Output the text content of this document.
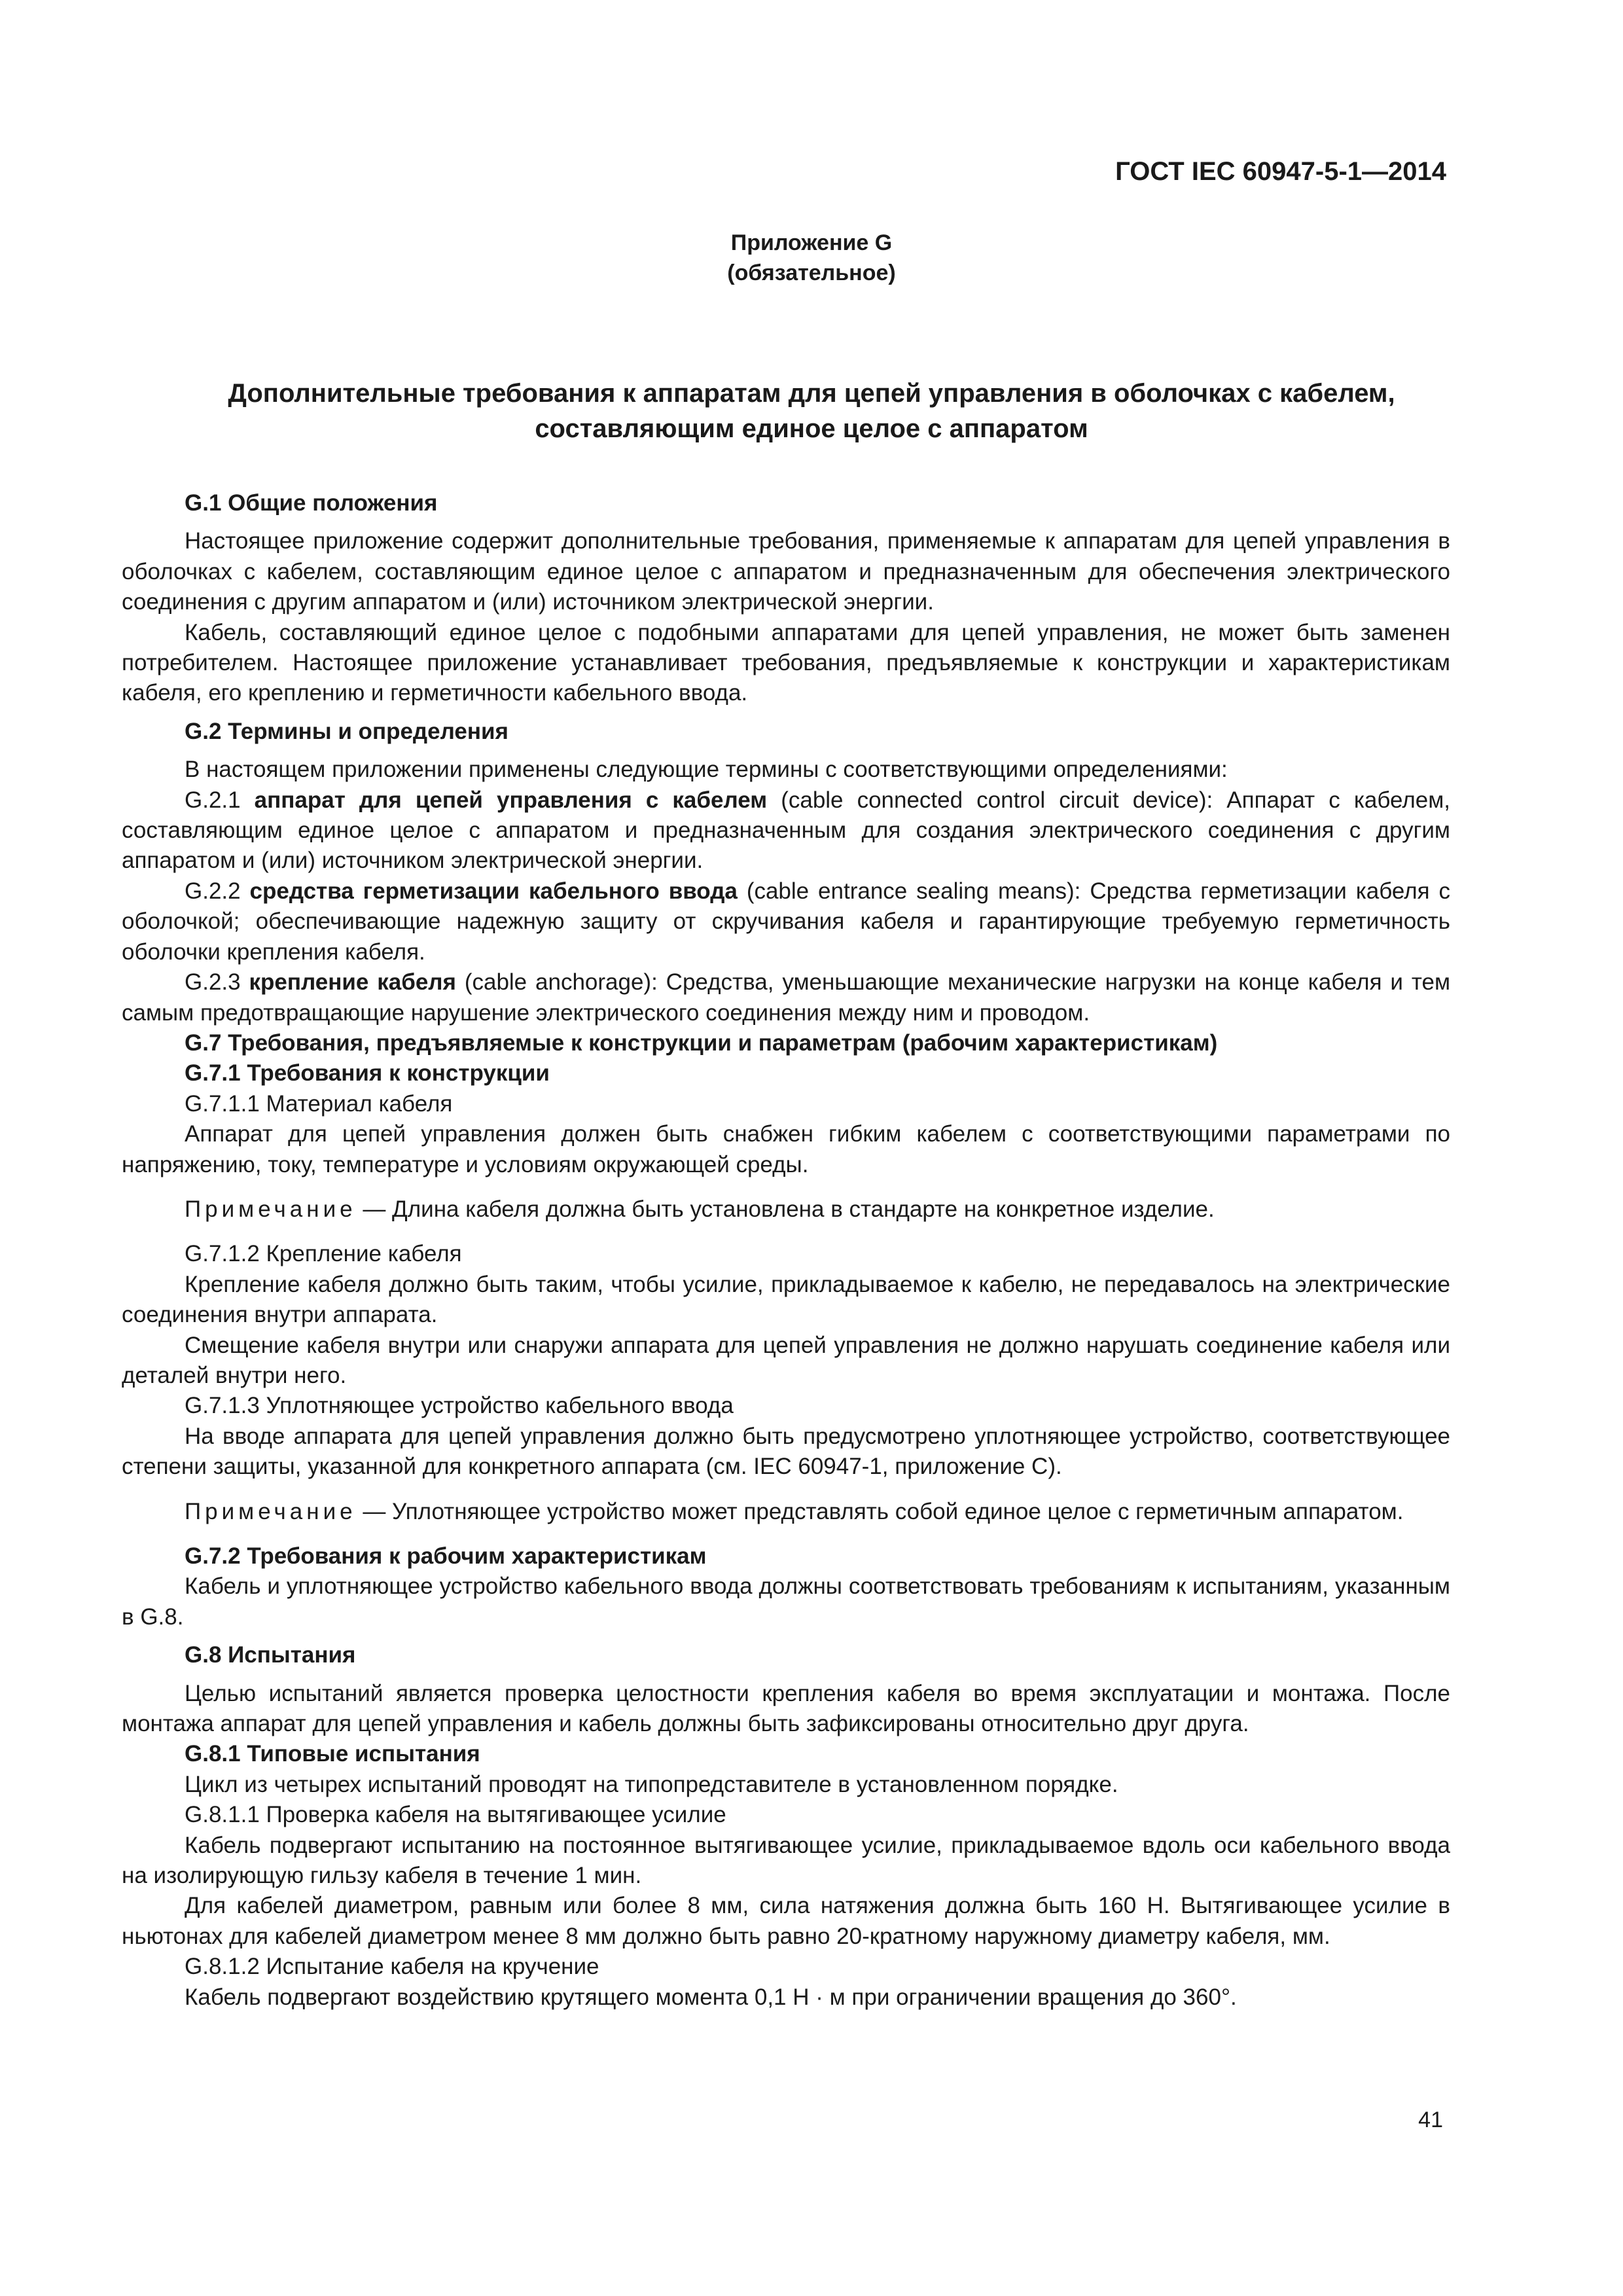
ГОСТ IEC 60947-5-1—2014
Приложение G
(обязательное)
Дополнительные требования к аппаратам для цепей управления в оболочках с кабелем,
составляющим единое целое с аппаратом

G.1 Общие положения

Настоящее приложение содержит дополнительные требования, применяемые к аппаратам для цепей управления в оболочках с кабелем, составляющим единое целое с аппаратом и предназначенным для обеспечения электрического соединения с другим аппаратом и (или) источником электрической энергии.

Кабель, составляющий единое целое с подобными аппаратами для цепей управления, не может быть заменен потребителем. Настоящее приложение устанавливает требования, предъявляемые к конструкции и характеристикам кабеля, его креплению и герметичности кабельного ввода.

G.2 Термины и определения

В настоящем приложении применены следующие термины с соответствующими определениями:

G.2.1 аппарат для цепей управления с кабелем (cable connected control circuit device): Аппарат с кабелем, составляющим единое целое с аппаратом и предназначенным для создания электрического соединения с другим аппаратом и (или) источником электрической энергии.

G.2.2 средства герметизации кабельного ввода (cable entrance sealing means): Средства герметизации кабеля с оболочкой; обеспечивающие надежную защиту от скручивания кабеля и гарантирующие требуемую герметичность оболочки крепления кабеля.

G.2.3 крепление кабеля (cable anchorage): Средства, уменьшающие механические нагрузки на конце кабеля и тем самым предотвращающие нарушение электрического соединения между ним и проводом.

G.7 Требования, предъявляемые к конструкции и параметрам (рабочим характеристикам)

G.7.1 Требования к конструкции

G.7.1.1 Материал кабеля

Аппарат для цепей управления должен быть снабжен гибким кабелем с соответствующими параметрами по напряжению, току, температуре и условиям окружающей среды.

Примечание — Длина кабеля должна быть установлена в стандарте на конкретное изделие.

G.7.1.2 Крепление кабеля

Крепление кабеля должно быть таким, чтобы усилие, прикладываемое к кабелю, не передавалось на электрические соединения внутри аппарата.

Смещение кабеля внутри или снаружи аппарата для цепей управления не должно нарушать соединение кабеля или деталей внутри него.

G.7.1.3 Уплотняющее устройство кабельного ввода

На вводе аппарата для цепей управления должно быть предусмотрено уплотняющее устройство, соответствующее степени защиты, указанной для конкретного аппарата (см. IEC 60947-1, приложение C).

Примечание — Уплотняющее устройство может представлять собой единое целое с герметичным аппаратом.

G.7.2 Требования к рабочим характеристикам

Кабель и уплотняющее устройство кабельного ввода должны соответствовать требованиям к испытаниям, указанным в G.8.

G.8 Испытания

Целью испытаний является проверка целостности крепления кабеля во время эксплуатации и монтажа. После монтажа аппарат для цепей управления и кабель должны быть зафиксированы относительно друг друга.

G.8.1 Типовые испытания

Цикл из четырех испытаний проводят на типопредставителе в установленном порядке.

G.8.1.1 Проверка кабеля на вытягивающее усилие

Кабель подвергают испытанию на постоянное вытягивающее усилие, прикладываемое вдоль оси кабельного ввода на изолирующую гильзу кабеля в течение 1 мин.

Для кабелей диаметром, равным или более 8 мм, сила натяжения должна быть 160 Н. Вытягивающее усилие в ньютонах для кабелей диаметром менее 8 мм должно быть равно 20-кратному наружному диаметру кабеля, мм.

G.8.1.2 Испытание кабеля на кручение

Кабель подвергают воздействию крутящего момента 0,1 Н · м при ограничении вращения до 360°.

41
